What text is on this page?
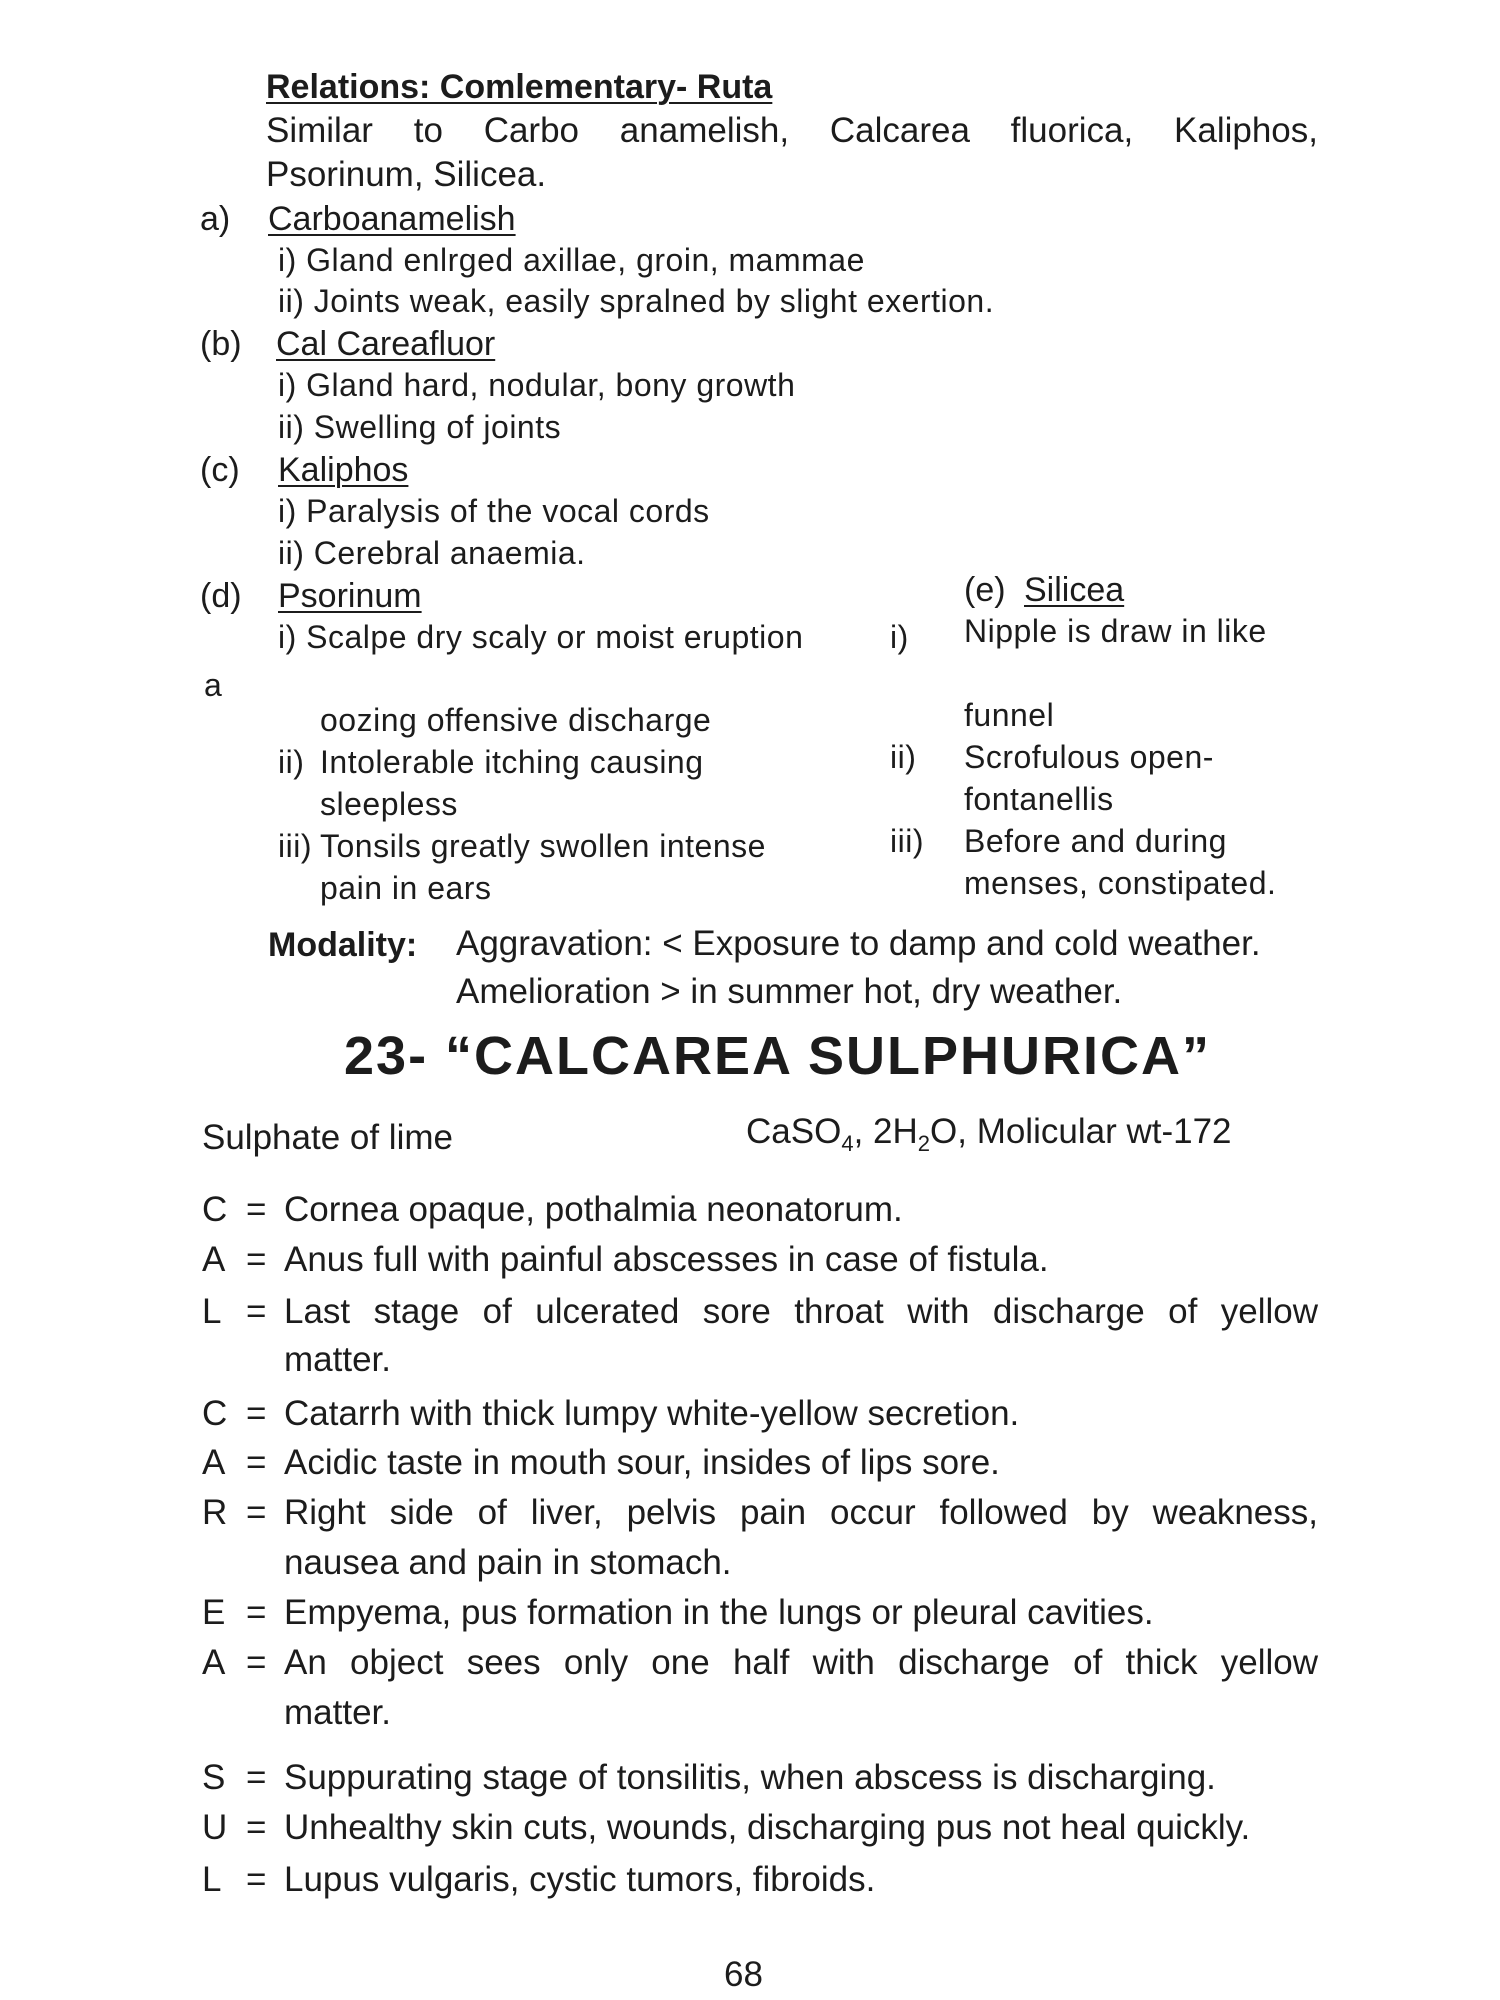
Relations: Comlementary- Ruta
Similar to Carbo anamelish, Calcarea fluorica, Kaliphos,
Psorinum, Silicea.
a) Carboanamelish
i) Gland enlrged axillae, groin, mammae
ii) Joints weak, easily spralned by slight exertion.
(b) Cal Careafluor
i) Gland hard, nodular, bony growth
ii) Swelling of joints
(c) Kaliphos
i) Paralysis of the vocal cords
ii) Cerebral anaemia.
(d) Psorinum
i) Scalpe dry scaly or moist eruption	i)
a
oozing offensive discharge
ii) Intolerable itching causing
sleepless
iii) Tonsils greatly swollen intense
pain in ears
(e) Silicea
Nipple is draw in like
funnel
ii) Scrofulous open-
fontanellis
iii) Before and during
menses, constipated.
Modality: Aggravation: < Exposure to damp and cold weather.
Amelioration > in summer hot, dry weather.
23- “CALCAREA SULPHURICA”
Sulphate of lime	CaSO$_4$, $2H_2O$, Molicular wt-172
C = Cornea opaque, pothalmia neonatorum.
A = Anus full with painful abscesses in case of fistula.
L = Last stage of ulcerated sore throat with discharge of yellow
matter.
C = Catarrh with thick lumpy white-yellow secretion.
A = Acidic taste in mouth sour, insides of lips sore.
R = Right side of liver, pelvis pain occur followed by weakness,
nausea and pain in stomach.
E = Empyema, pus formation in the lungs or pleural cavities.
A = An object sees only one half with discharge of thick yellow
matter.
S = Suppurating stage of tonsilitis, when abscess is discharging.
U = Unhealthy skin cuts, wounds, discharging pus not heal quickly.
L = Lupus vulgaris, cystic tumors, fibroids.
68
